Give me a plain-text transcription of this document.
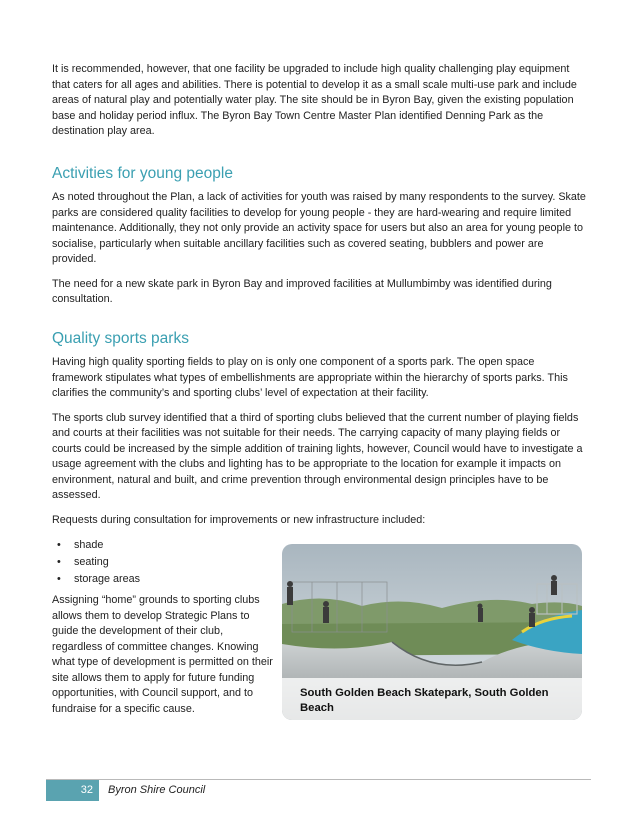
It is recommended, however, that one facility be upgraded to include high quality challenging play equipment that caters for all ages and abilities. There is potential to develop it as a small scale multi-use park and include areas of natural play and potentially water play. The site should be in Byron Bay, given the existing population base and holiday period influx. The Byron Bay Town Centre Master Plan identified Denning Park as the destination play area.

Activities for young people

As noted throughout the Plan, a lack of activities for youth was raised by many respondents to the survey. Skate parks are considered quality facilities to develop for young people - they are hard-wearing and require limited maintenance. Additionally, they not only provide an activity space for users but also an area for young people to socialise, particularly when suitable ancillary facilities such as covered seating, bubblers and power are provided.

The need for a new skate park in Byron Bay and improved facilities at Mullumbimby was identified during consultation.

Quality sports parks

Having high quality sporting fields to play on is only one component of a sports park. The open space framework stipulates what types of embellishments are appropriate within the hierarchy of sports parks. This clarifies the community’s and sporting clubs’ level of expectation at their facility.

The sports club survey identified that a third of sporting clubs believed that the current number of playing fields and courts at their facilities was not suitable for their needs. The carrying capacity of many playing fields or courts could be increased by the simple addition of training lights, however, Council would have to investigate a usage agreement with the clubs and lighting has to be appropriate to the location for example it impacts on environment, natural and built, and crime prevention through environmental design principles have to be assessed.

Requests during consultation for improvements or new infrastructure included:

• shade
• seating
• storage areas

Assigning “home” grounds to sporting clubs allows them to develop Strategic Plans to guide the development of their club, regardless of committee changes. Knowing what type of development is permitted on their site allows them to apply for future funding opportunities, with Council support, and to fundraise for a specific cause.

South Golden Beach Skatepark, South Golden Beach
32	Byron Shire Council
